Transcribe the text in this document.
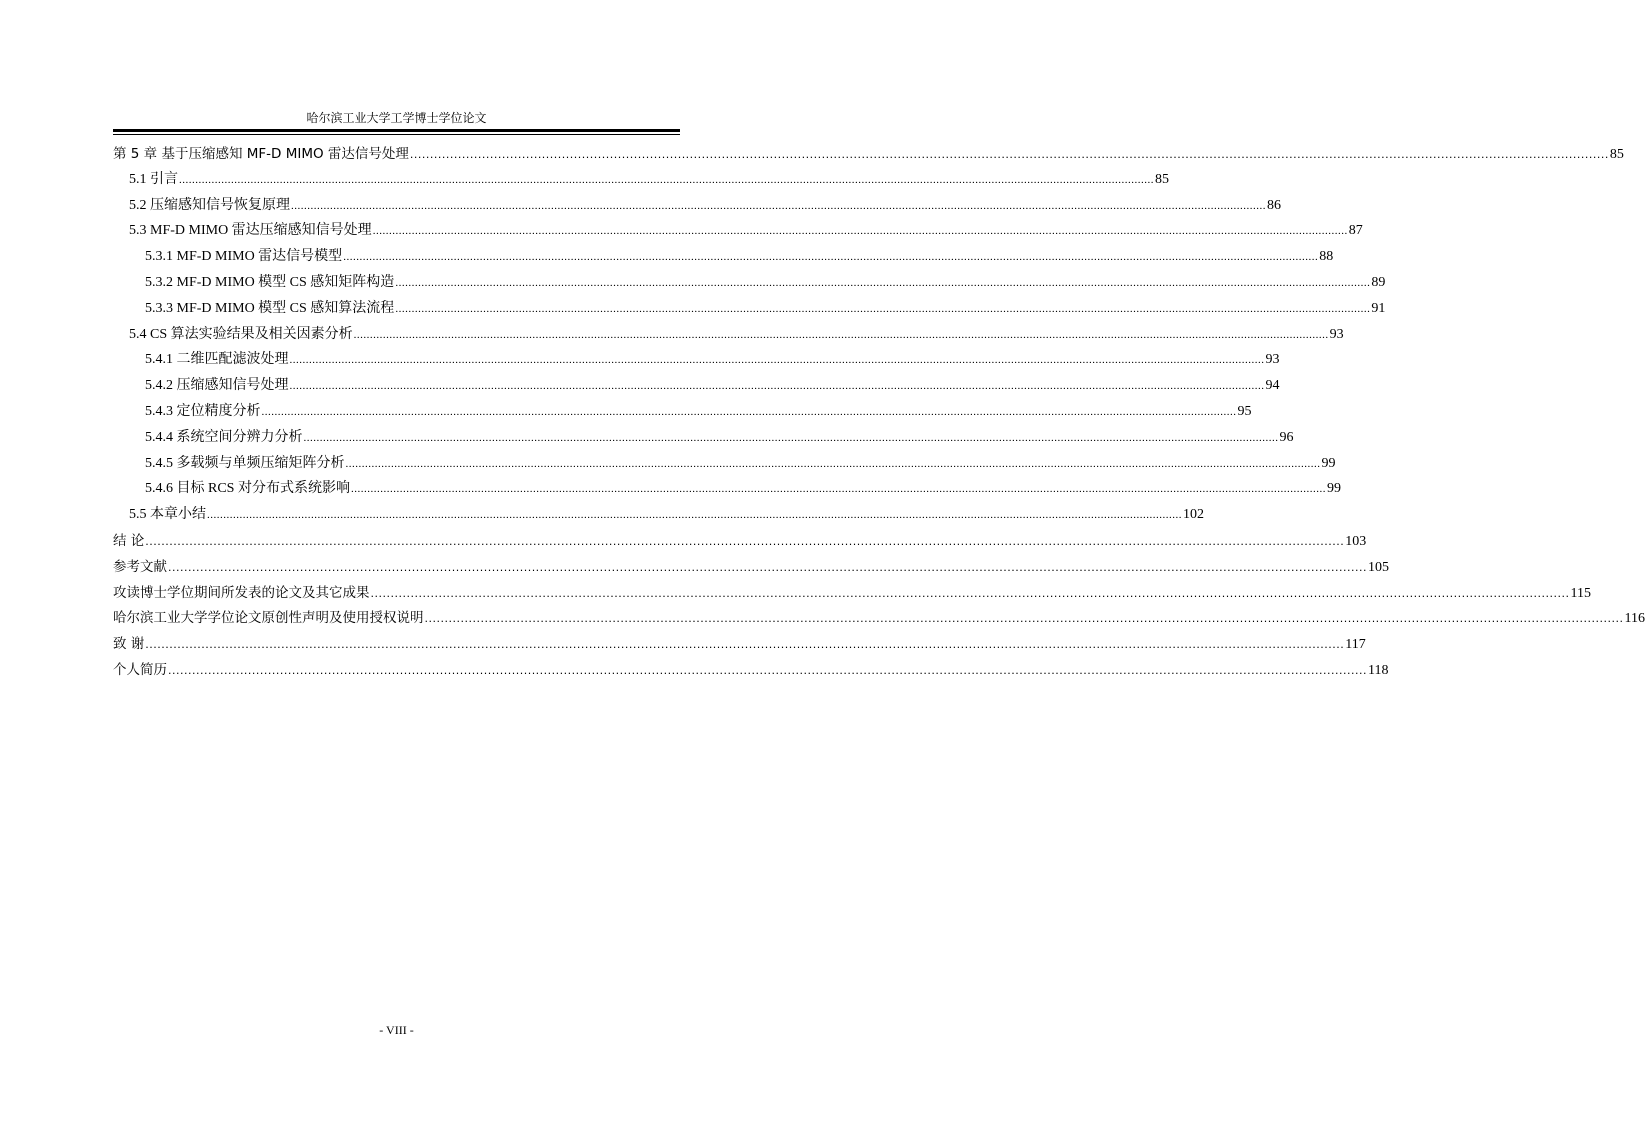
哈尔滨工业大学工学博士学位论文
第 5 章 基于压缩感知 MF-D MIMO 雷达信号处理 ............................................................................................................................................................................................................................................................................................................ 85
5.1 引言 ............................................................................................................................................................................................................................................................................................................ 85
5.2 压缩感知信号恢复原理 ............................................................................................................................................................................................................................................................................................................ 86
5.3 MF-D MIMO 雷达压缩感知信号处理 ............................................................................................................................................................................................................................................................................................................ 87
5.3.1 MF-D MIMO 雷达信号模型 ............................................................................................................................................................................................................................................................................................................ 88
5.3.2 MF-D MIMO 模型 CS 感知矩阵构造 ............................................................................................................................................................................................................................................................................................................ 89
5.3.3 MF-D MIMO 模型 CS 感知算法流程 ............................................................................................................................................................................................................................................................................................................ 91
5.4 CS 算法实验结果及相关因素分析 ............................................................................................................................................................................................................................................................................................................ 93
5.4.1 二维匹配滤波处理 ............................................................................................................................................................................................................................................................................................................ 93
5.4.2 压缩感知信号处理 ............................................................................................................................................................................................................................................................................................................ 94
5.4.3 定位精度分析 ............................................................................................................................................................................................................................................................................................................ 95
5.4.4 系统空间分辨力分析 ............................................................................................................................................................................................................................................................................................................ 96
5.4.5 多载频与单频压缩矩阵分析 ............................................................................................................................................................................................................................................................................................................ 99
5.4.6 目标 RCS 对分布式系统影响 ............................................................................................................................................................................................................................................................................................................ 99
5.5 本章小结 ............................................................................................................................................................................................................................................................................................................ 102
结 论 ............................................................................................................................................................................................................................................................................................................ 103
参考文献 ............................................................................................................................................................................................................................................................................................................ 105
攻读博士学位期间所发表的论文及其它成果 ............................................................................................................................................................................................................................................................................................................ 115
哈尔滨工业大学学位论文原创性声明及使用授权说明 ............................................................................................................................................................................................................................................................................................................ 116
致 谢 ............................................................................................................................................................................................................................................................................................................ 117
个人简历 ............................................................................................................................................................................................................................................................................................................ 118
- VIII -
